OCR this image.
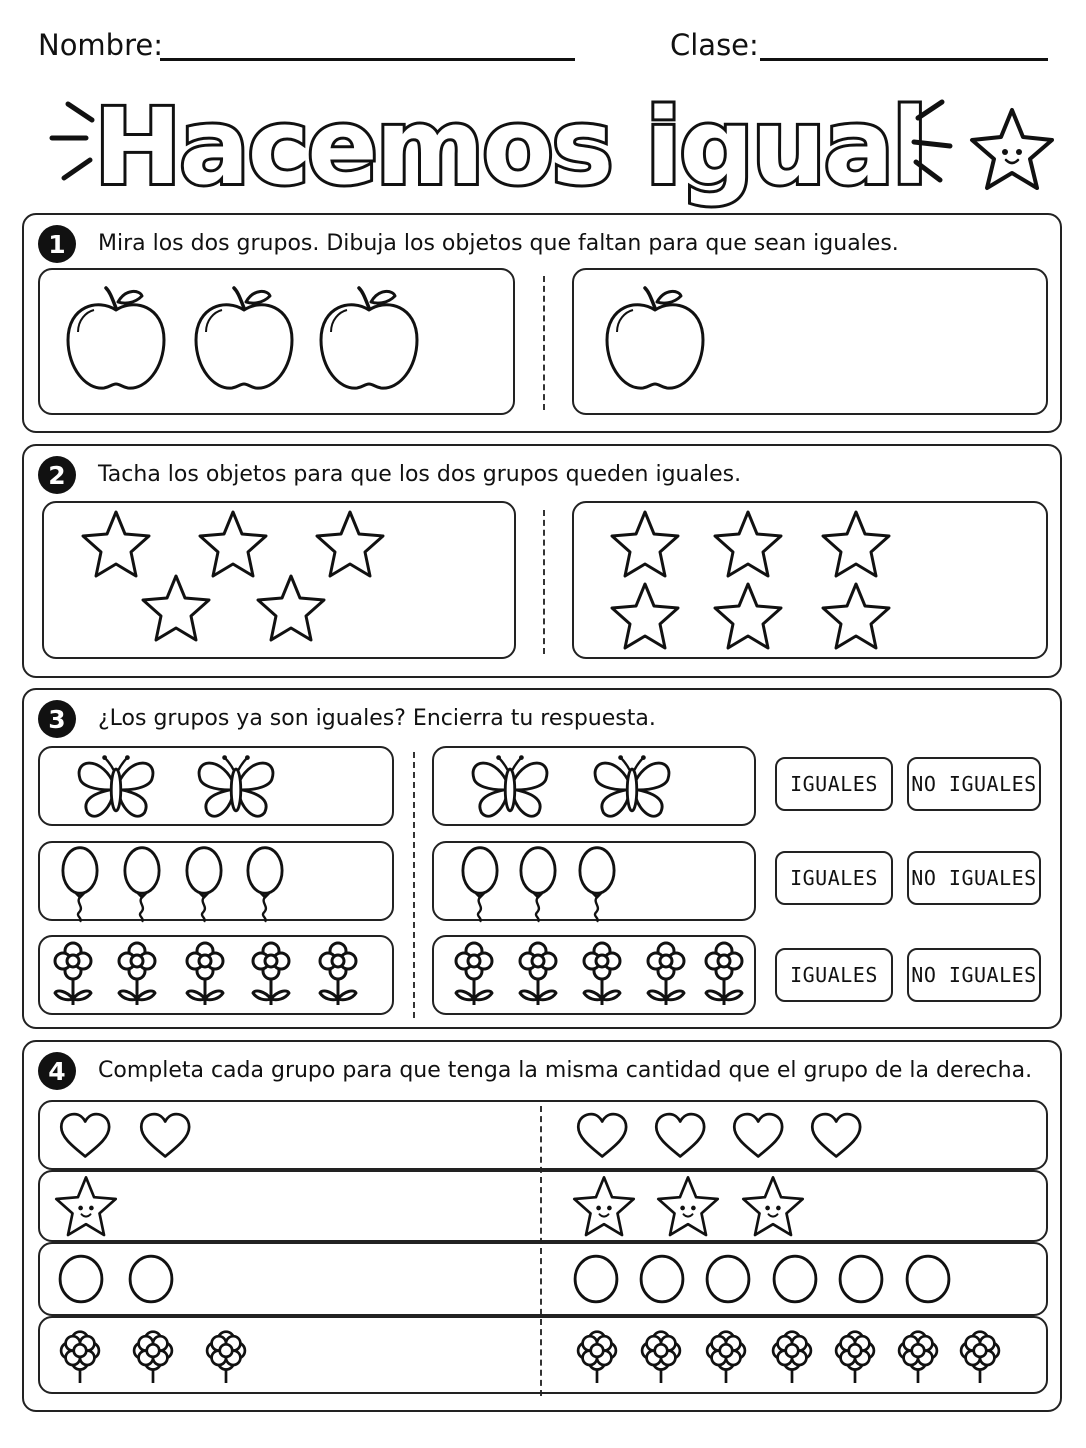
Nombre:	Clase:
Hacemos igual
1	Mira los dos grupos. Dibuja los objetos que faltan para que sean iguales.
2	Tacha los objetos para que los dos grupos queden iguales.
3	¿Los grupos ya son iguales? Encierra tu respuesta.
IGUALES	NO IGUALES
IGUALES	NO IGUALES
IGUALES	NO IGUALES
4	Completa cada grupo para que tenga la misma cantidad que el grupo de la derecha.
